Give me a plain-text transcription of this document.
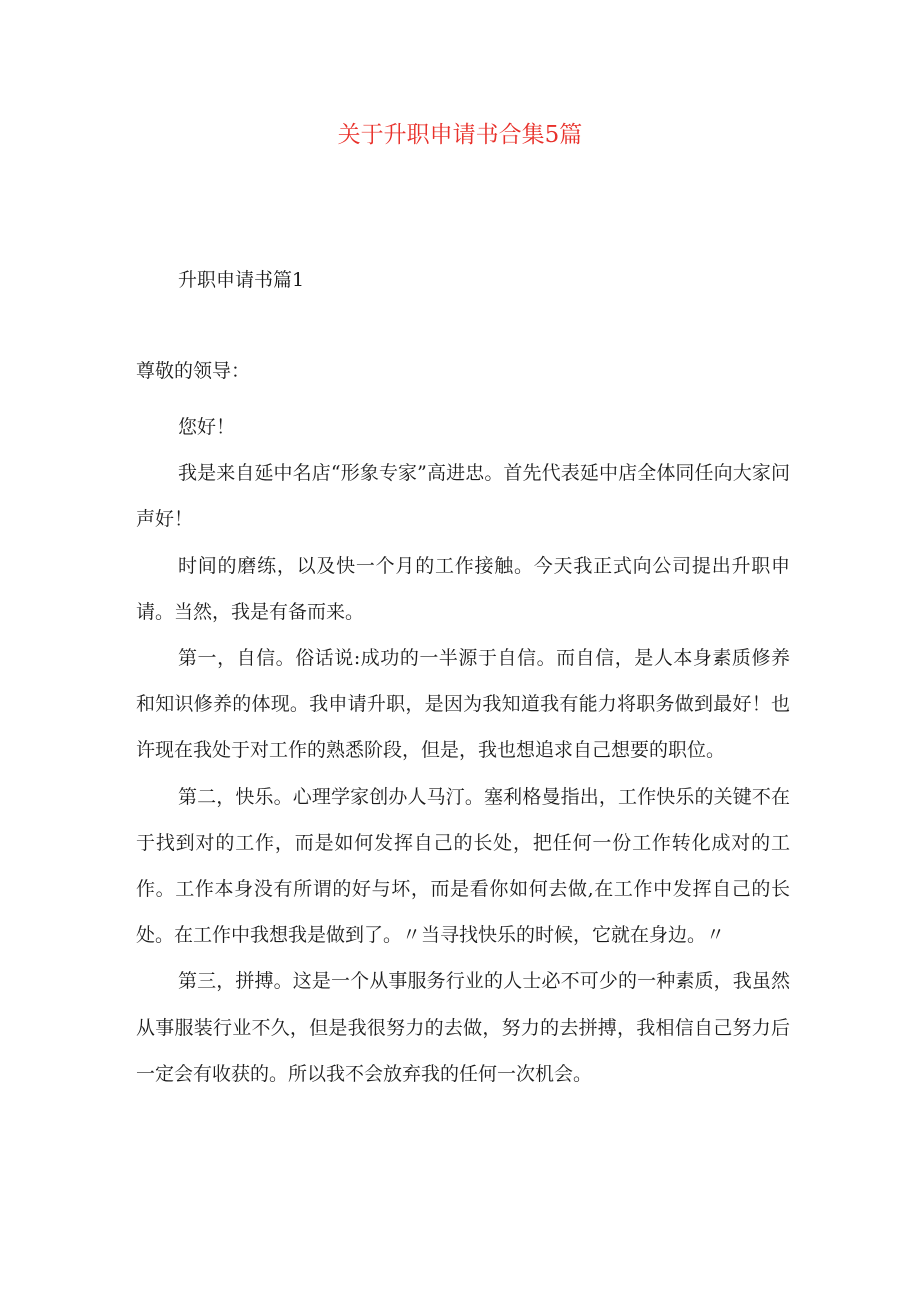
关于升职申请书合集5篇
升职申请书篇1
尊敬的领导：

您好！

我是来自延中名店“形象专家”高进忠。首先代表延中店全体同任向大家问声好！

时间的磨练，以及快一个月的工作接触。今天我正式向公司提出升职申请。当然，我是有备而来。

第一，自信。俗话说:成功的一半源于自信。而自信，是人本身素质修养和知识修养的体现。我申请升职，是因为我知道我有能力将职务做到最好！也许现在我处于对工作的熟悉阶段，但是，我也想追求自己想要的职位。

第二，快乐。心理学家创办人马汀。塞利格曼指出，工作快乐的关键不在于找到对的工作，而是如何发挥自己的长处，把任何一份工作转化成对的工作。工作本身没有所谓的好与坏，而是看你如何去做,在工作中发挥自己的长处。在工作中我想我是做到了。〃当寻找快乐的时候，它就在身边。〃

第三，拼搏。这是一个从事服务行业的人士必不可少的一种素质，我虽然从事服装行业不久，但是我很努力的去做，努力的去拼搏，我相信自己努力后一定会有收获的。所以我不会放弃我的任何一次机会。
